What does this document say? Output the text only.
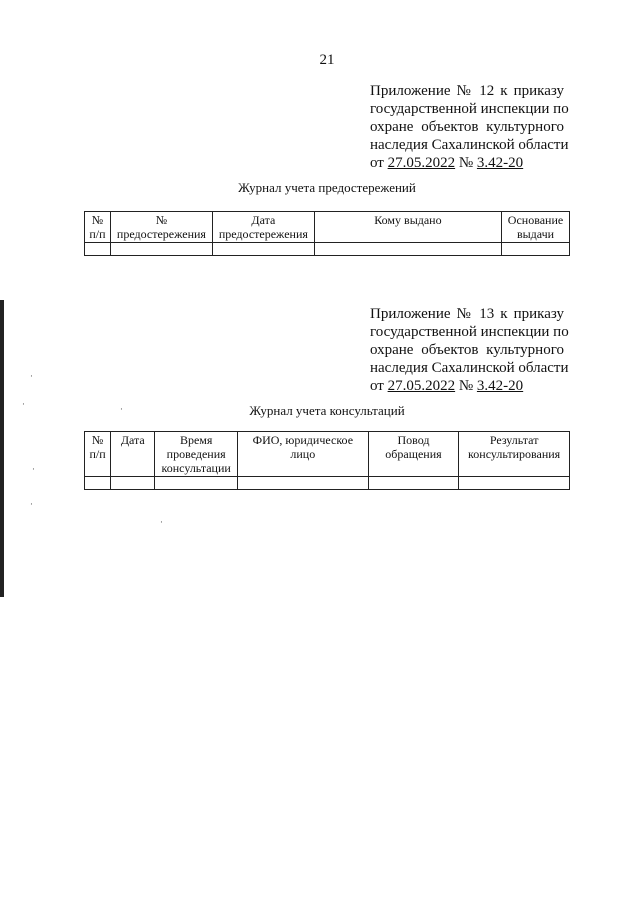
21
Приложение № 12 к приказу
государственной инспекции по
охране объектов культурного
наследия Сахалинской области
от 27.05.2022 № 3.42-20
Журнал учета предостережений
№ п/п	№ предостережения	Дата предостережения	Кому выдано	Основание выдачи

Приложение № 13 к приказу
государственной инспекции по
охране объектов культурного
наследия Сахалинской области
от 27.05.2022 № 3.42-20
Журнал учета консультаций
№ п/п	Дата	Время проведения консультации	ФИО, юридическое лицо	Повод обращения	Результат консультирования

·
·
·
·
·
·
